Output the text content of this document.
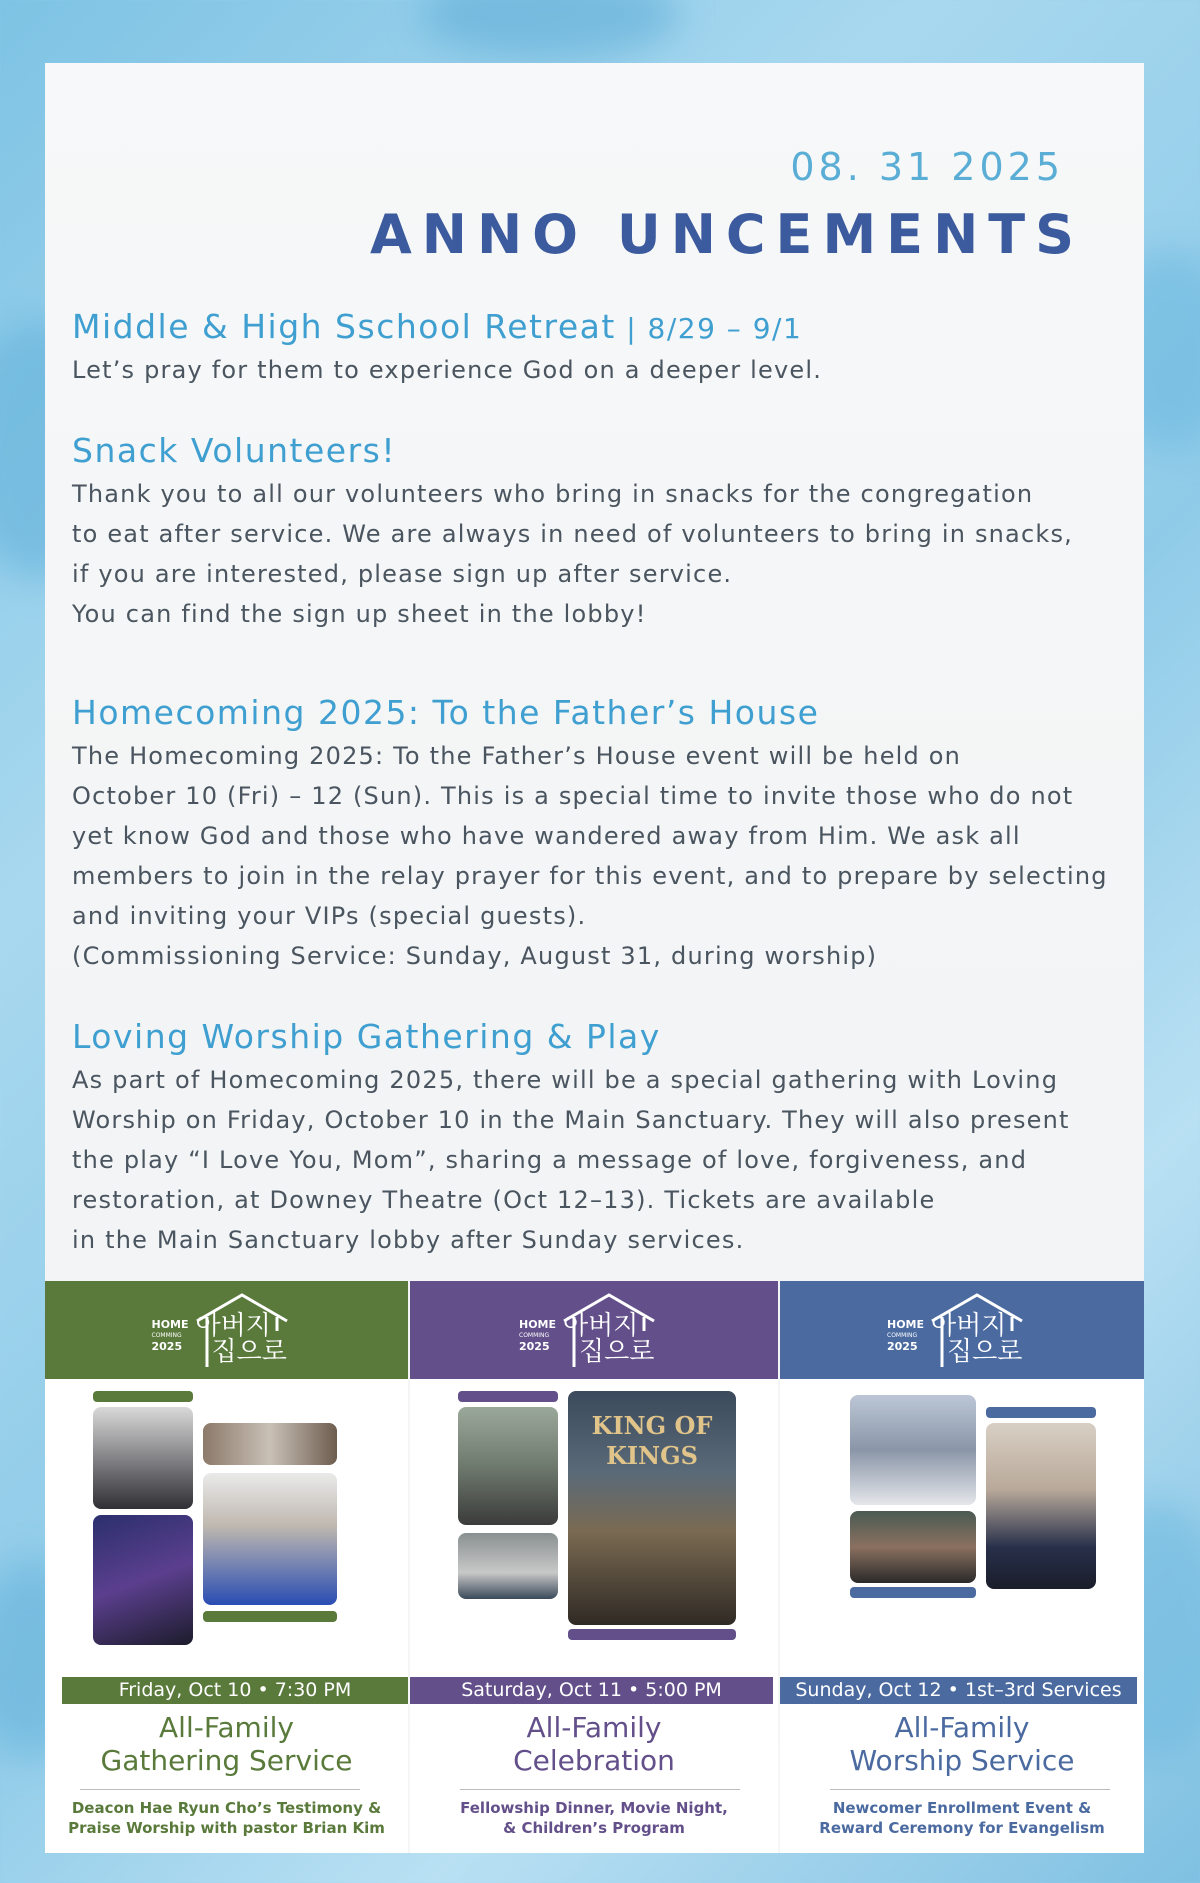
08. 31 2025
ANNO UNCEMENTS
Middle & High Sschool Retreat | 8/29 – 9/1
Let’s pray for them to experience God on a deeper level.
Snack Volunteers!
Thank you to all our volunteers who bring in snacks for the congregation
to eat after service. We are always in need of volunteers to bring in snacks,
if you are interested, please sign up after service.
You can find the sign up sheet in the lobby!
Homecoming 2025: To the Father’s House
The Homecoming 2025: To the Father’s House event will be held on
October 10 (Fri) – 12 (Sun). This is a special time to invite those who do not
yet know God and those who have wandered away from Him. We ask all
members to join in the relay prayer for this event, and to prepare by selecting
and inviting your VIPs (special guests).
(Commissioning Service: Sunday, August 31, during worship)
Loving Worship Gathering & Play
As part of Homecoming 2025, there will be a special gathering with Loving
Worship on Friday, October 10 in the Main Sanctuary. They will also present
the play “I Love You, Mom”, sharing a message of love, forgiveness, and
restoration, at Downey Theatre (Oct 12–13). Tickets are available
in the Main Sanctuary lobby after Sunday services.
HOME
COMMING
2025
아버지
집으로
Friday, Oct 10 • 7:30 PM
All-Family
Gathering Service
Deacon Hae Ryun Cho’s Testimony &
Praise Worship with pastor Brian Kim
HOME
COMMING
2025
아버지
집으로
KING OF KINGS
Saturday, Oct 11 • 5:00 PM
All-Family
Celebration
Fellowship Dinner, Movie Night,
& Children’s Program
HOME
COMMING
2025
아버지
집으로
Sunday, Oct 12 • 1st–3rd Services
All-Family
Worship Service
Newcomer Enrollment Event &
Reward Ceremony for Evangelism
